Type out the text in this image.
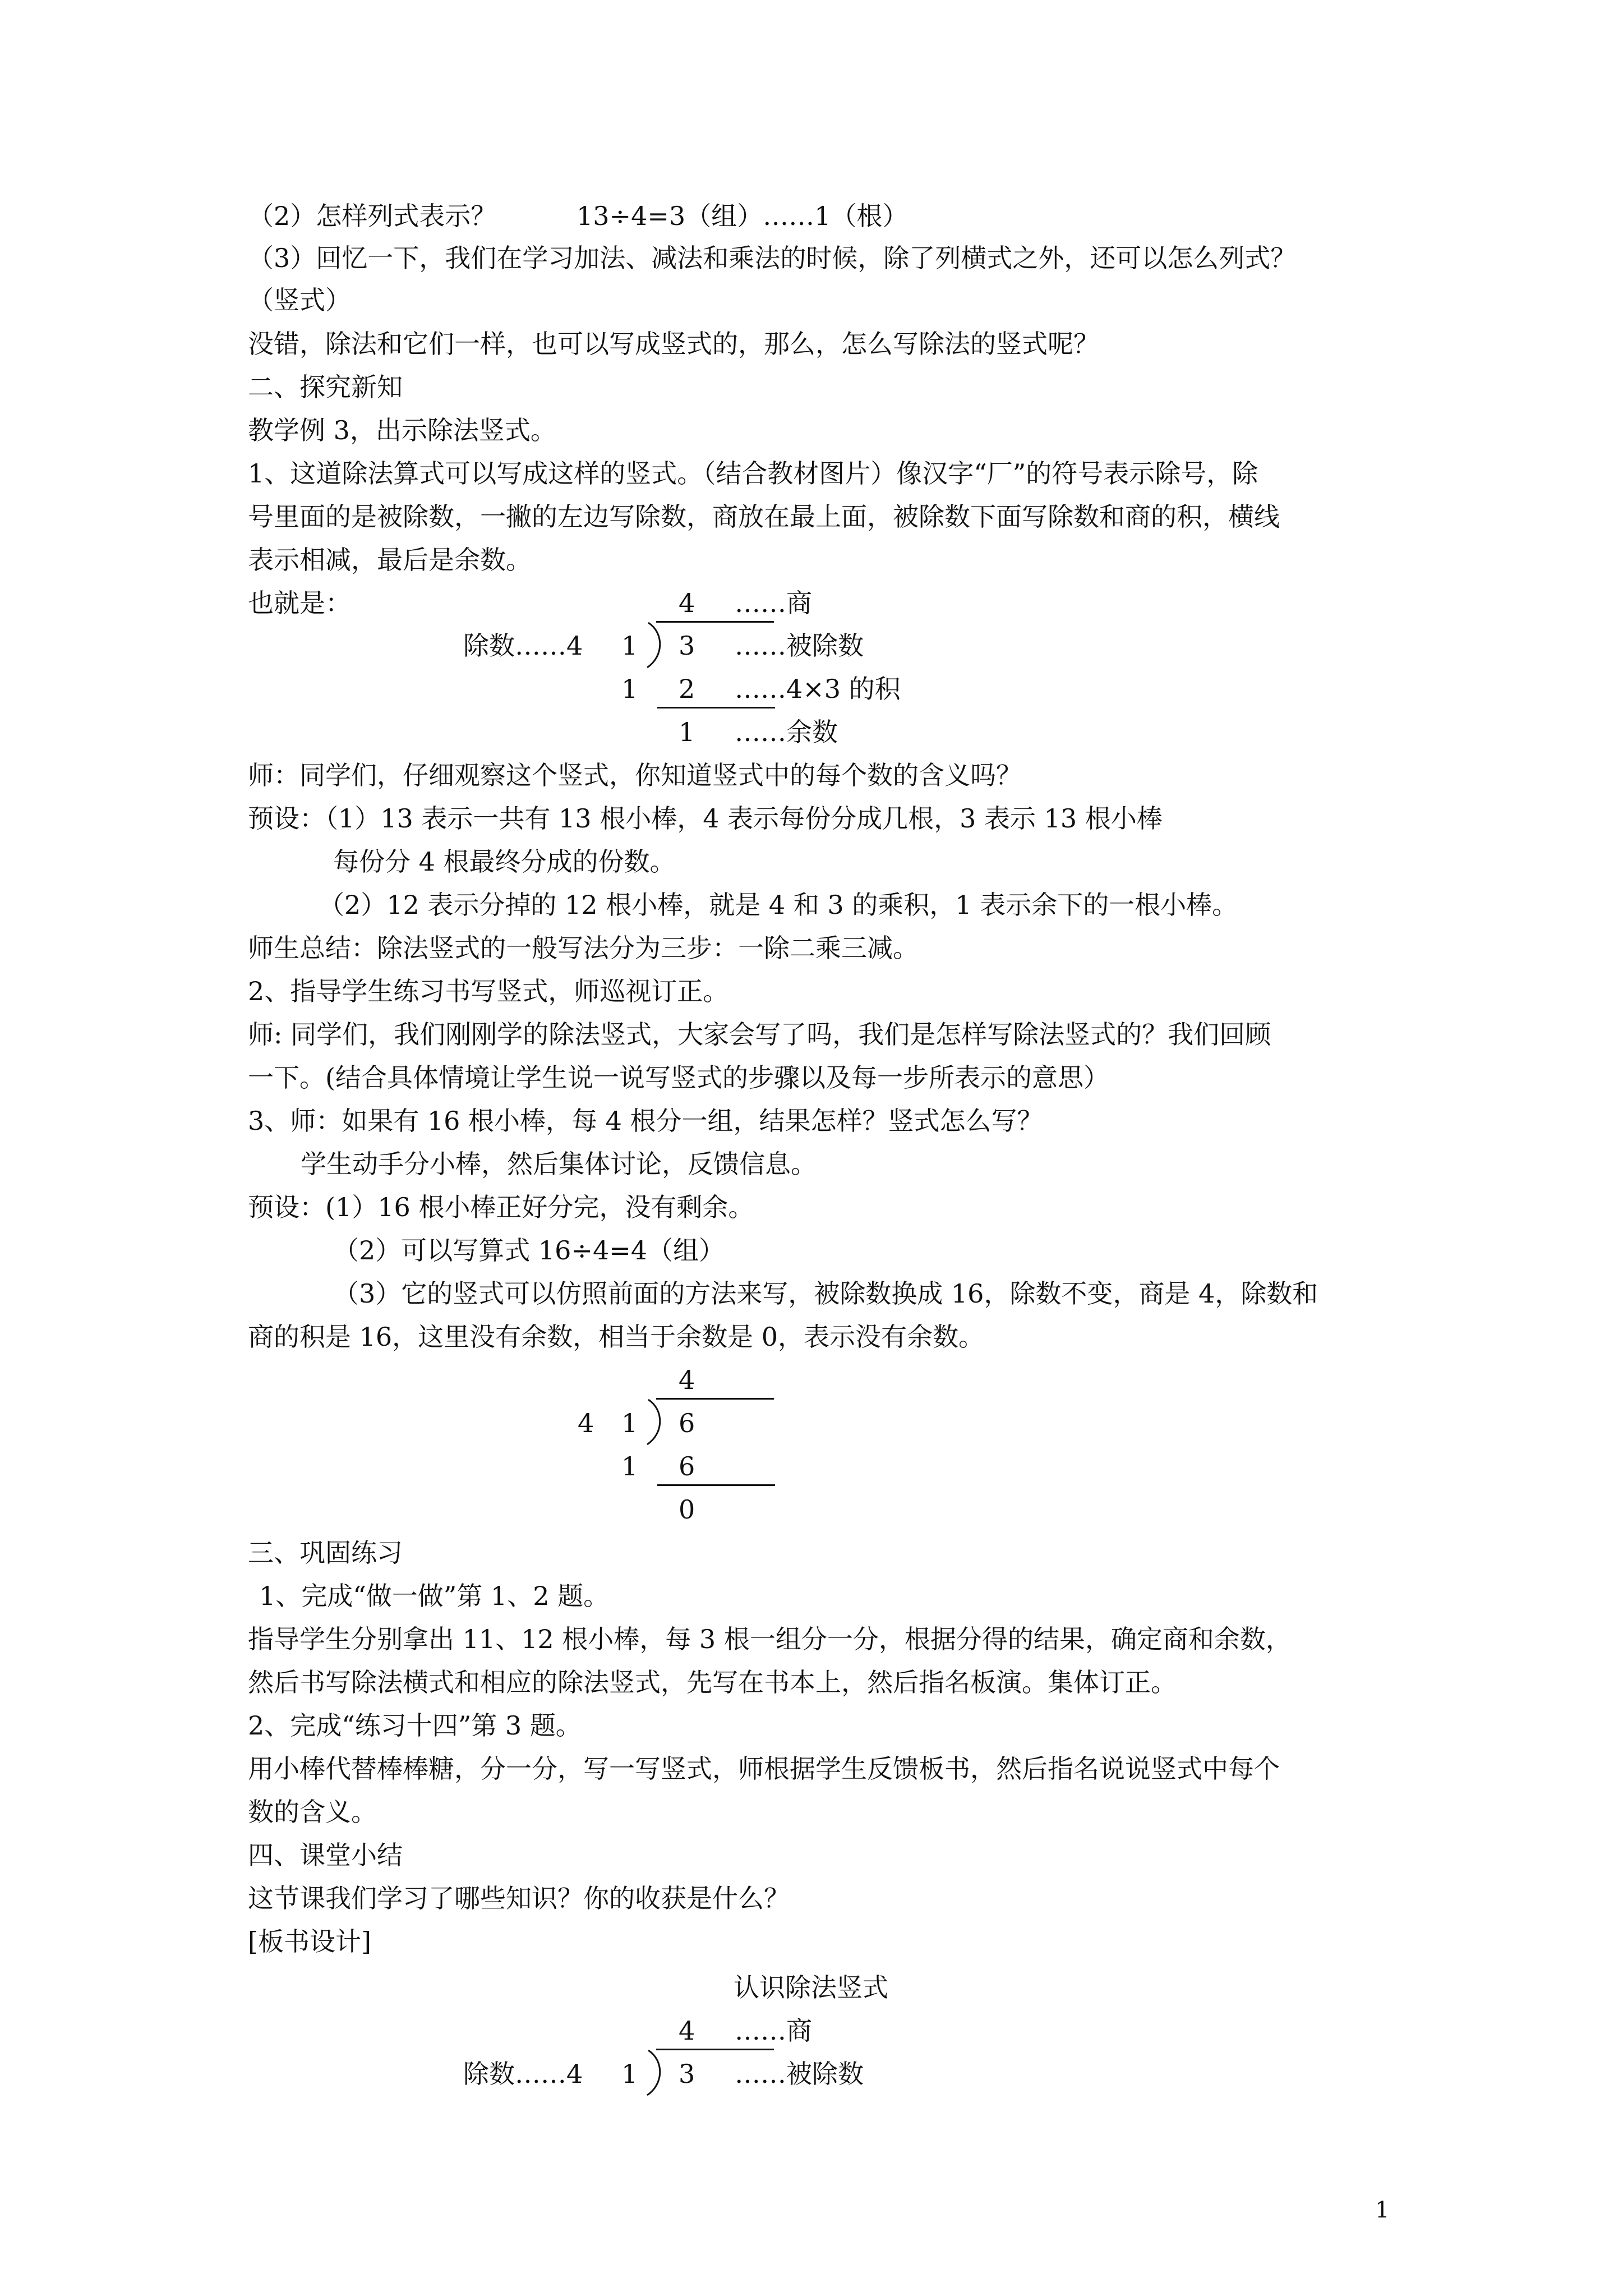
（2）怎样列式表示？	13÷4=3（组）……1（根）
（3）回忆一下，我们在学习加法、减法和乘法的时候，除了列横式之外，还可以怎么列式？
（竖式）
没错，除法和它们一样，也可以写成竖式的，那么，怎么写除法的竖式呢？
二、探究新知
教学例 3，出示除法竖式。
1、这道除法算式可以写成这样的竖式。（结合教材图片）像汉字“厂”的符号表示除号，除
号里面的是被除数，一撇的左边写除数，商放在最上面，被除数下面写除数和商的积，横线
表示相减，最后是余数。
也就是：	4 ……商
除数……4 1 3 ……被除数
1 2 ……4×3 的积
1 ……余数
师：同学们，仔细观察这个竖式，你知道竖式中的每个数的含义吗？
预设：（1）13 表示一共有 13 根小棒，4 表示每份分成几根，3 表示 13 根小棒
每份分 4 根最终分成的份数。
（2）12 表示分掉的 12 根小棒，就是 4 和 3 的乘积，1 表示余下的一根小棒。
师生总结：除法竖式的一般写法分为三步：一除二乘三减。
2、指导学生练习书写竖式，师巡视订正。
师: 同学们，我们刚刚学的除法竖式，大家会写了吗，我们是怎样写除法竖式的？我们回顾
一下。(结合具体情境让学生说一说写竖式的步骤以及每一步所表示的意思）
3、师：如果有 16 根小棒，每 4 根分一组，结果怎样？竖式怎么写？
学生动手分小棒，然后集体讨论，反馈信息。
预设：(1）16 根小棒正好分完，没有剩余。
（2）可以写算式 16÷4=4（组）
（3）它的竖式可以仿照前面的方法来写，被除数换成 16，除数不变，商是 4，除数和
商的积是 16，这里没有余数，相当于余数是 0，表示没有余数。
4
4 1 6
1 6
0
三、巩固练习
1、完成“做一做”第 1、2 题。
指导学生分别拿出 11、12 根小棒，每 3 根一组分一分，根据分得的结果，确定商和余数，
然后书写除法横式和相应的除法竖式，先写在书本上，然后指名板演。集体订正。
2、完成“练习十四”第 3 题。
用小棒代替棒棒糖，分一分，写一写竖式，师根据学生反馈板书，然后指名说说竖式中每个
数的含义。
四、课堂小结
这节课我们学习了哪些知识？你的收获是什么？
[板书设计]
认识除法竖式
4 ……商
除数……4 1 3 ……被除数
1
